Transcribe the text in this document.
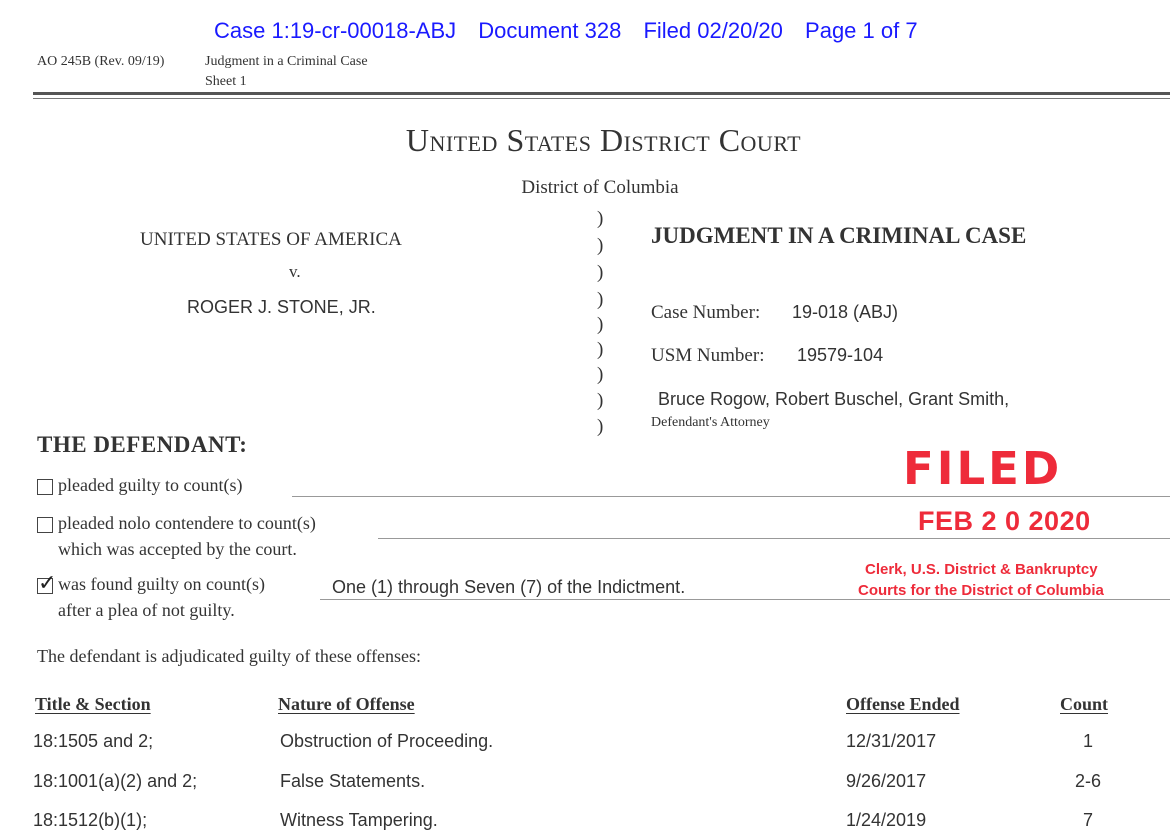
Case 1:19-cr-00018-ABJ Document 328 Filed 02/20/20 Page 1 of 7
AO 245B (Rev. 09/19)	Judgment in a Criminal Case
Sheet 1
United States District Court
District of Columbia
UNITED STATES OF AMERICA
v.
ROGER J. STONE, JR.
)
)
)
)
)
)
)
)
)
JUDGMENT IN A CRIMINAL CASE
Case Number: 19-018 (ABJ)
USM Number: 19579-104
Bruce Rogow, Robert Buschel, Grant Smith,
Defendant's Attorney
THE DEFENDANT:
pleaded guilty to count(s)
pleaded nolo contendere to count(s)
which was accepted by the court.
✓ was found guilty on count(s)
after a plea of not guilty.
One (1) through Seven (7) of the Indictment.
FILED
FEB 2 0 2020
Clerk, U.S. District & Bankruptcy
Courts for the District of Columbia
The defendant is adjudicated guilty of these offenses:
Title & Section	Nature of Offense	Offense Ended	Count
18:1505 and 2;	Obstruction of Proceeding.	12/31/2017	1
18:1001(a)(2) and 2;	False Statements.	9/26/2017	2-6
18:1512(b)(1);	Witness Tampering.	1/24/2019	7
